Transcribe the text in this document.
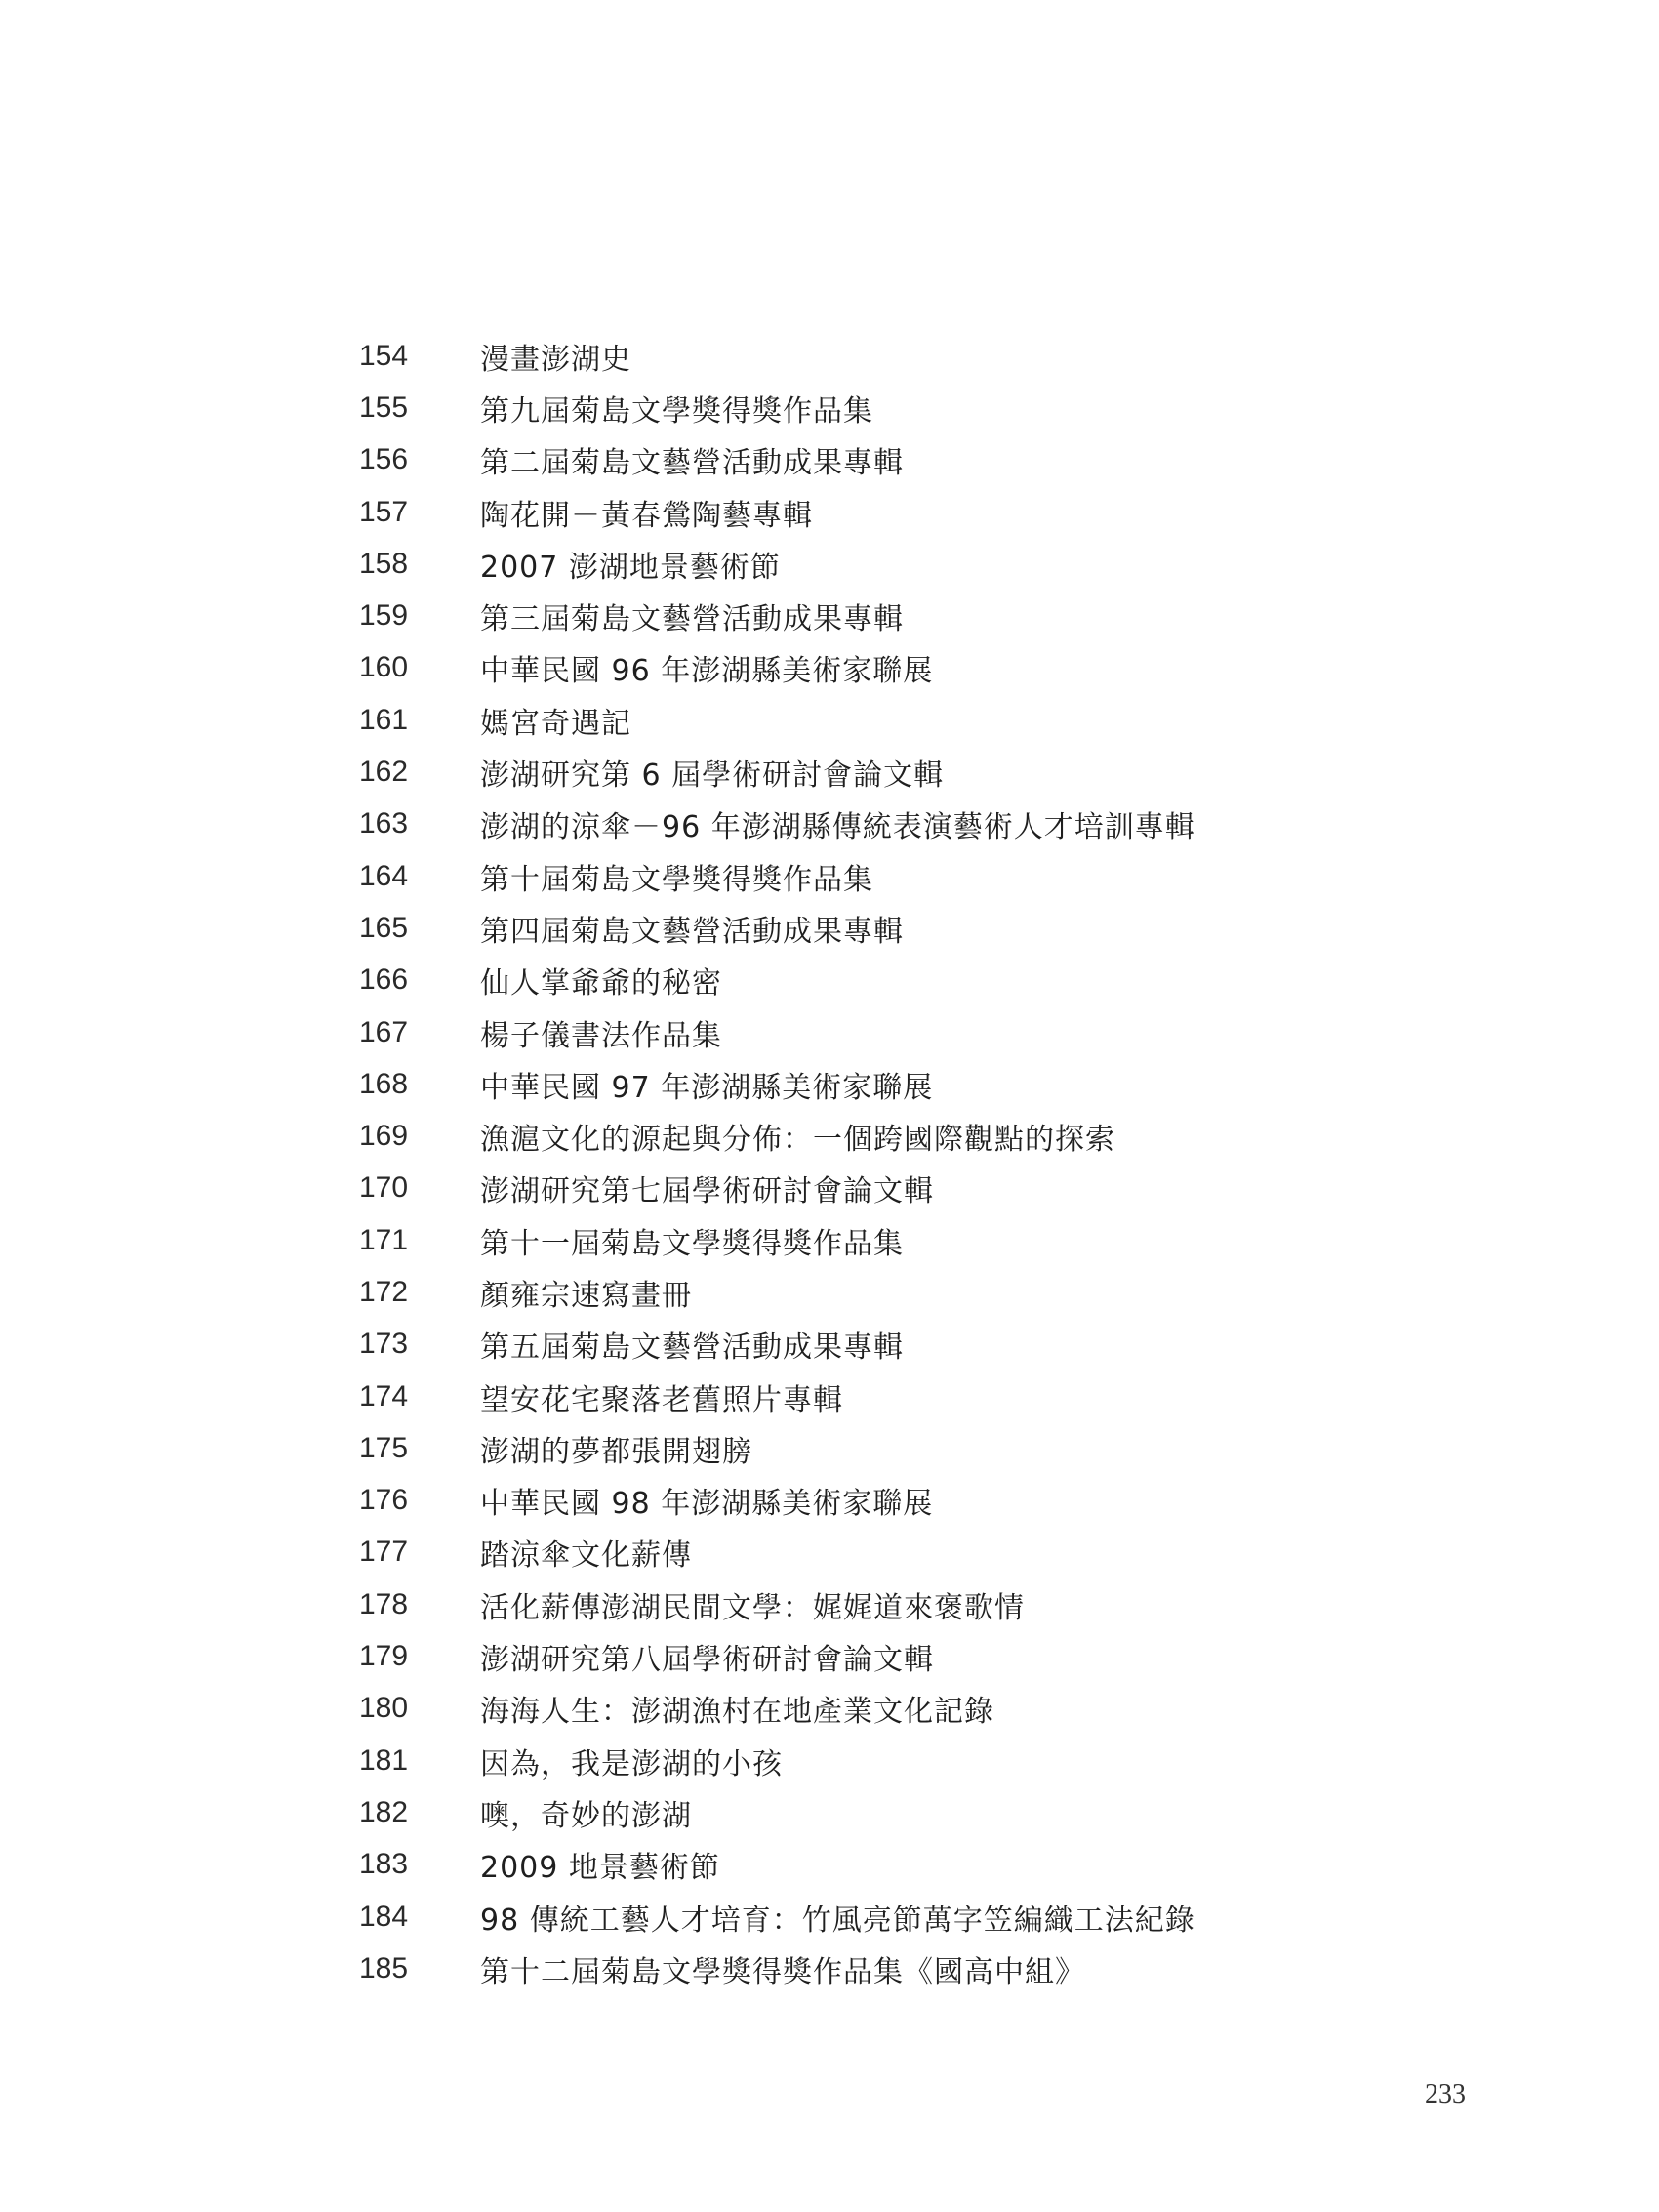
154	漫畫澎湖史
155	第九屆菊島文學獎得獎作品集
156	第二屆菊島文藝營活動成果專輯
157	陶花開－黃春鶯陶藝專輯
158	2007 澎湖地景藝術節
159	第三屆菊島文藝營活動成果專輯
160	中華民國 96 年澎湖縣美術家聯展
161	媽宮奇遇記
162	澎湖研究第 6 屆學術研討會論文輯
163	澎湖的涼傘－96 年澎湖縣傳統表演藝術人才培訓專輯
164	第十屆菊島文學獎得獎作品集
165	第四屆菊島文藝營活動成果專輯
166	仙人掌爺爺的秘密
167	楊子儀書法作品集
168	中華民國 97 年澎湖縣美術家聯展
169	漁滬文化的源起與分佈：一個跨國際觀點的探索
170	澎湖研究第七屆學術研討會論文輯
171	第十一屆菊島文學獎得獎作品集
172	顏雍宗速寫畫冊
173	第五屆菊島文藝營活動成果專輯
174	望安花宅聚落老舊照片專輯
175	澎湖的夢都張開翅膀
176	中華民國 98 年澎湖縣美術家聯展
177	踏涼傘文化薪傳
178	活化薪傳澎湖民間文學：娓娓道來褒歌情
179	澎湖研究第八屆學術研討會論文輯
180	海海人生：澎湖漁村在地產業文化記錄
181	因為，我是澎湖的小孩
182	噢，奇妙的澎湖
183	2009 地景藝術節
184	98 傳統工藝人才培育：竹風亮節萬字笠編織工法紀錄
185	第十二屆菊島文學獎得獎作品集《國高中組》
233
